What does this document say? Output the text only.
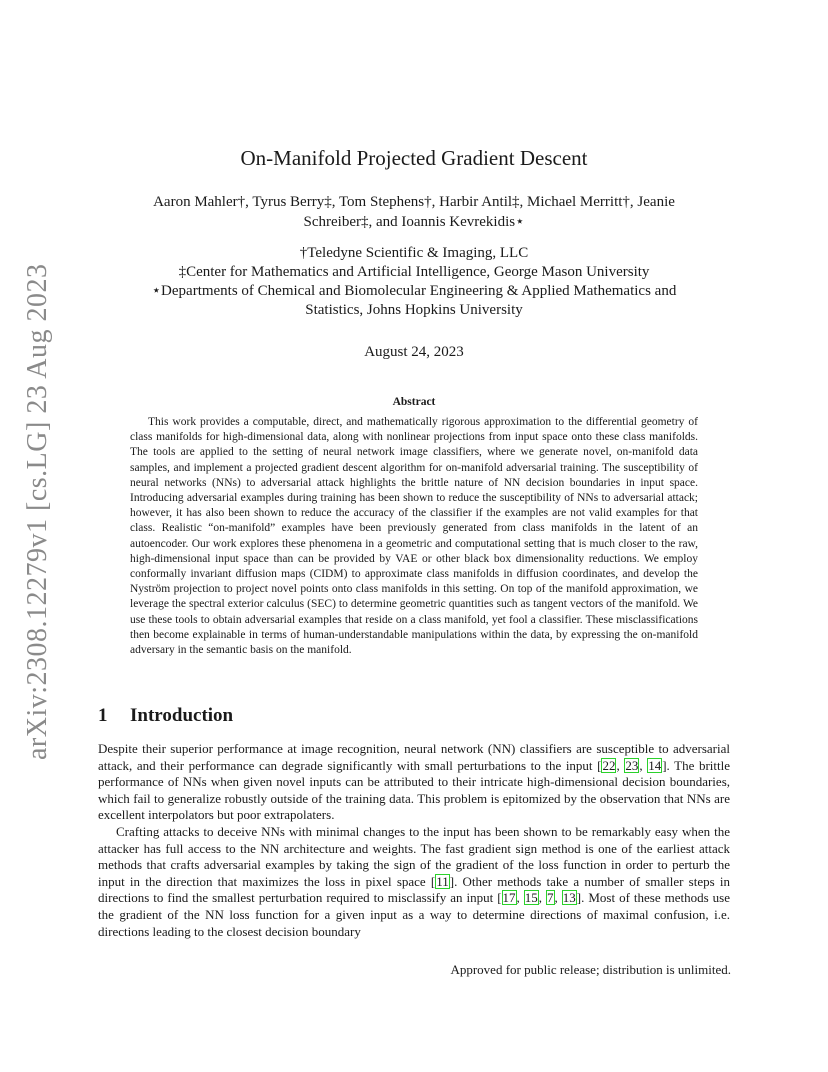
arXiv:2308.12279v1 [cs.LG] 23 Aug 2023
On-Manifold Projected Gradient Descent
Aaron Mahler†, Tyrus Berry‡, Tom Stephens†, Harbir Antil‡, Michael Merritt†, Jeanie
Schreiber‡, and Ioannis Kevrekidis⋆
†Teledyne Scientific & Imaging, LLC
‡Center for Mathematics and Artificial Intelligence, George Mason University
⋆Departments of Chemical and Biomolecular Engineering & Applied Mathematics and
Statistics, Johns Hopkins University
August 24, 2023
Abstract
This work provides a computable, direct, and mathematically rigorous approximation to the differential geometry of class manifolds for high-dimensional data, along with nonlinear projections from input space onto these class manifolds. The tools are applied to the setting of neural network image classifiers, where we generate novel, on-manifold data samples, and implement a projected gradient descent algorithm for on-manifold adversarial training. The susceptibility of neural networks (NNs) to adversarial attack highlights the brittle nature of NN decision boundaries in input space. Introducing adversarial examples during training has been shown to reduce the susceptibility of NNs to adversarial attack; however, it has also been shown to reduce the accuracy of the classifier if the examples are not valid examples for that class. Realistic “on-manifold” examples have been previously generated from class manifolds in the latent of an autoencoder. Our work explores these phenomena in a geometric and computational setting that is much closer to the raw, high-dimensional input space than can be provided by VAE or other black box dimensionality reductions. We employ conformally invariant diffusion maps (CIDM) to approximate class manifolds in diffusion coordinates, and develop the Nyström projection to project novel points onto class manifolds in this setting. On top of the manifold approximation, we leverage the spectral exterior calculus (SEC) to determine geometric quantities such as tangent vectors of the manifold. We use these tools to obtain adversarial examples that reside on a class manifold, yet fool a classifier. These misclassifications then become explainable in terms of human-understandable manipulations within the data, by expressing the on-manifold adversary in the semantic basis on the manifold.
1 Introduction

Despite their superior performance at image recognition, neural network (NN) classifiers are susceptible to adversarial attack, and their performance can degrade significantly with small perturbations to the input [22, 23, 14]. The brittle performance of NNs when given novel inputs can be attributed to their intricate high-dimensional decision boundaries, which fail to generalize robustly outside of the training data. This problem is epitomized by the observation that NNs are excellent interpolators but poor extrapolaters.

Crafting attacks to deceive NNs with minimal changes to the input has been shown to be remarkably easy when the attacker has full access to the NN architecture and weights. The fast gradient sign method is one of the earliest attack methods that crafts adversarial examples by taking the sign of the gradient of the loss function in order to perturb the input in the direction that maximizes the loss in pixel space [11]. Other methods take a number of smaller steps in directions to find the smallest perturbation required to misclassify an input [17, 15, 7, 13]. Most of these methods use the gradient of the NN loss function for a given input as a way to determine directions of maximal confusion, i.e. directions leading to the closest decision boundary

Approved for public release; distribution is unlimited.
